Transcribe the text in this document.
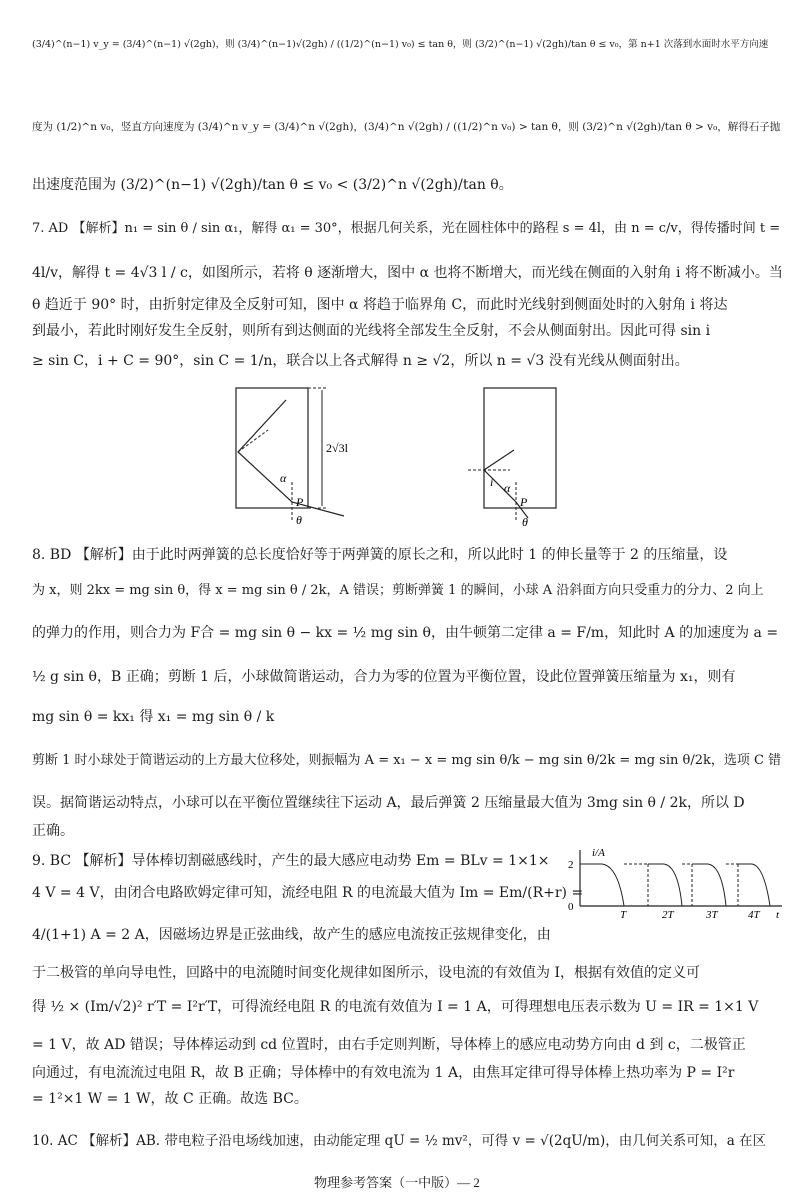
(3/4)^(n−1) v_y = (3/4)^(n−1) √(2gh)，则 (3/4)^(n−1)√(2gh) / ((1/2)^(n−1) v₀) ≤ tan θ，则 (3/2)^(n−1) √(2gh)/tan θ ≤ v₀，第 n+1 次落到水面时水平方向速
度为 (1/2)^n v₀，竖直方向速度为 (3/4)^n v_y = (3/4)^n √(2gh)，(3/4)^n √(2gh) / ((1/2)^n v₀) > tan θ，则 (3/2)^n √(2gh)/tan θ > v₀，解得石子抛
出速度范围为 (3/2)^(n−1) √(2gh)/tan θ ≤ v₀ < (3/2)^n √(2gh)/tan θ。
7. AD 【解析】n₁ = sin θ / sin α₁，解得 α₁ = 30°，根据几何关系，光在圆柱体中的路程 s = 4l，由 n = c/v，得传播时间 t =
4l/v，解得 t = 4√3 l / c，如图所示，若将 θ 逐渐增大，图中 α 也将不断增大，而光线在侧面的入射角 i 将不断减小。当
θ 趋近于 90° 时，由折射定律及全反射可知，图中 α 将趋于临界角 C，而此时光线射到侧面处时的入射角 i 将达
到最小，若此时刚好发生全反射，则所有到达侧面的光线将全部发生全反射，不会从侧面射出。因此可得 sin i
≥ sin C，i + C = 90°，sin C = 1/n，联合以上各式解得 n ≥ √2，所以 n = √3 没有光线从侧面射出。
2√3l
α
P
θ
i α
P
θ
8. BD 【解析】由于此时两弹簧的总长度恰好等于两弹簧的原长之和，所以此时 1 的伸长量等于 2 的压缩量，设
为 x，则 2kx = mg sin θ，得 x = mg sin θ / 2k，A 错误；剪断弹簧 1 的瞬间，小球 A 沿斜面方向只受重力的分力、2 向上
的弹力的作用，则合力为 F合 = mg sin θ − kx = ½ mg sin θ，由牛顿第二定律 a = F/m，知此时 A 的加速度为 a =
½ g sin θ，B 正确；剪断 1 后，小球做简谐运动，合力为零的位置为平衡位置，设此位置弹簧压缩量为 x₁，则有
mg sin θ = kx₁ 得 x₁ = mg sin θ / k
剪断 1 时小球处于简谐运动的上方最大位移处，则振幅为 A = x₁ − x = mg sin θ/k − mg sin θ/2k = mg sin θ/2k，选项 C 错
误。据简谐运动特点，小球可以在平衡位置继续往下运动 A，最后弹簧 2 压缩量最大值为 3mg sin θ / 2k，所以 D
正确。
9. BC 【解析】导体棒切割磁感线时，产生的最大感应电动势 Em = BLv = 1×1×
4 V = 4 V，由闭合电路欧姆定律可知，流经电阻 R 的电流最大值为 Im = Em/(R+r) =
4/(1+1) A = 2 A，因磁场边界是正弦曲线，故产生的感应电流按正弦规律变化，由
i/A
2
0
T	2T	3T	4T t
于二极管的单向导电性，回路中的电流随时间变化规律如图所示，设电流的有效值为 I，根据有效值的定义可
得 ½ × (Im/√2)² r′T = I²r′T，可得流经电阻 R 的电流有效值为 I = 1 A，可得理想电压表示数为 U = IR = 1×1 V
= 1 V，故 AD 错误；导体棒运动到 cd 位置时，由右手定则判断，导体棒上的感应电动势方向由 d 到 c，二极管正
向通过，有电流流过电阻 R，故 B 正确；导体棒中的有效电流为 1 A，由焦耳定律可得导体棒上热功率为 P = I²r
= 1²×1 W = 1 W，故 C 正确。故选 BC。
10. AC 【解析】AB. 带电粒子沿电场线加速，由动能定理 qU = ½ mv²，可得 v = √(2qU/m)，由几何关系可知，a 在区
物理参考答案（一中版）— 2
